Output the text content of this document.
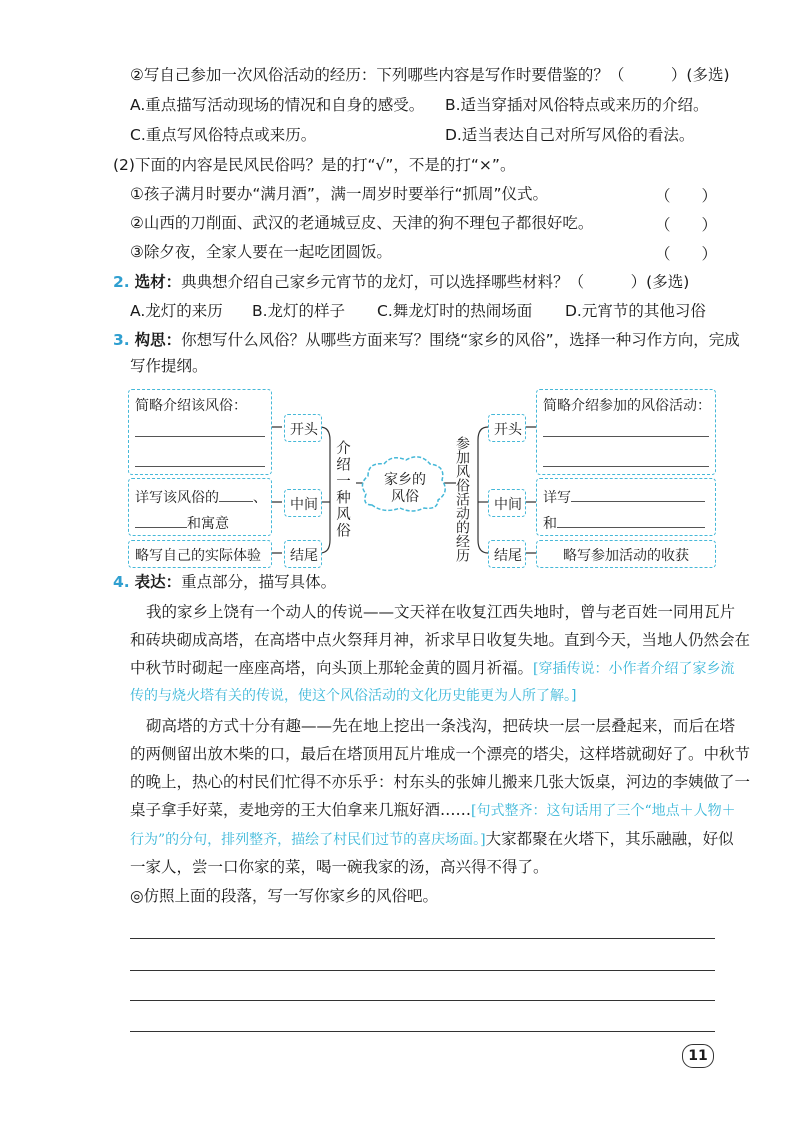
②写自己参加一次风俗活动的经历：下列哪些内容是写作时要借鉴的？（　　　）(多选)
A.重点描写活动现场的情况和自身的感受。 B.适当穿插对风俗特点或来历的介绍。
C.重点写风俗特点或来历。	D.适当表达自己对所写风俗的看法。
(2)下面的内容是民风民俗吗？是的打“√”，不是的打“×”。
①孩子满月时要办“满月酒”，满一周岁时要举行“抓周”仪式。	（　　）
②山西的刀削面、武汉的老通城豆皮、天津的狗不理包子都很好吃。	（　　）
③除夕夜，全家人要在一起吃团圆饭。	（　　）
2. 选材：典典想介绍自己家乡元宵节的龙灯，可以选择哪些材料？（　　　）(多选)
A.龙灯的来历 B.龙灯的样子 C.舞龙灯时的热闹场面 D.元宵节的其他习俗
3. 构思：你想写什么风俗？从哪些方面来写？围绕“家乡的风俗”，选择一种习作方向，完成
写作提纲。
家乡的
风俗
介绍一种风俗	参加风俗活动的经历
开头
中间
结尾
开头
中间
结尾
简略介绍该风俗：
详写该风俗的 、
和寓意
略写自己的实际体验
简略介绍参加的风俗活动：
详写
和
略写参加活动的收获
4. 表达：重点部分，描写具体。
我的家乡上饶有一个动人的传说——文天祥在收复江西失地时，曾与老百姓一同用瓦片
和砖块砌成高塔，在高塔中点火祭拜月神，祈求早日收复失地。直到今天，当地人仍然会在
中秋节时砌起一座座高塔，向头顶上那轮金黄的圆月祈福。[穿插传说：小作者介绍了家乡流
传的与烧火塔有关的传说，使这个风俗活动的文化历史能更为人所了解。]
砌高塔的方式十分有趣——先在地上挖出一条浅沟，把砖块一层一层叠起来，而后在塔
的两侧留出放木柴的口，最后在塔顶用瓦片堆成一个漂亮的塔尖，这样塔就砌好了。中秋节
的晚上，热心的村民们忙得不亦乐乎：村东头的张婶儿搬来几张大饭桌，河边的李姨做了一
桌子拿手好菜，麦地旁的王大伯拿来几瓶好酒……[句式整齐：这句话用了三个“地点＋人物＋
行为”的分句，排列整齐，描绘了村民们过节的喜庆场面。]大家都聚在火塔下，其乐融融，好似
一家人，尝一口你家的菜，喝一碗我家的汤，高兴得不得了。
◎仿照上面的段落，写一写你家乡的风俗吧。
11
